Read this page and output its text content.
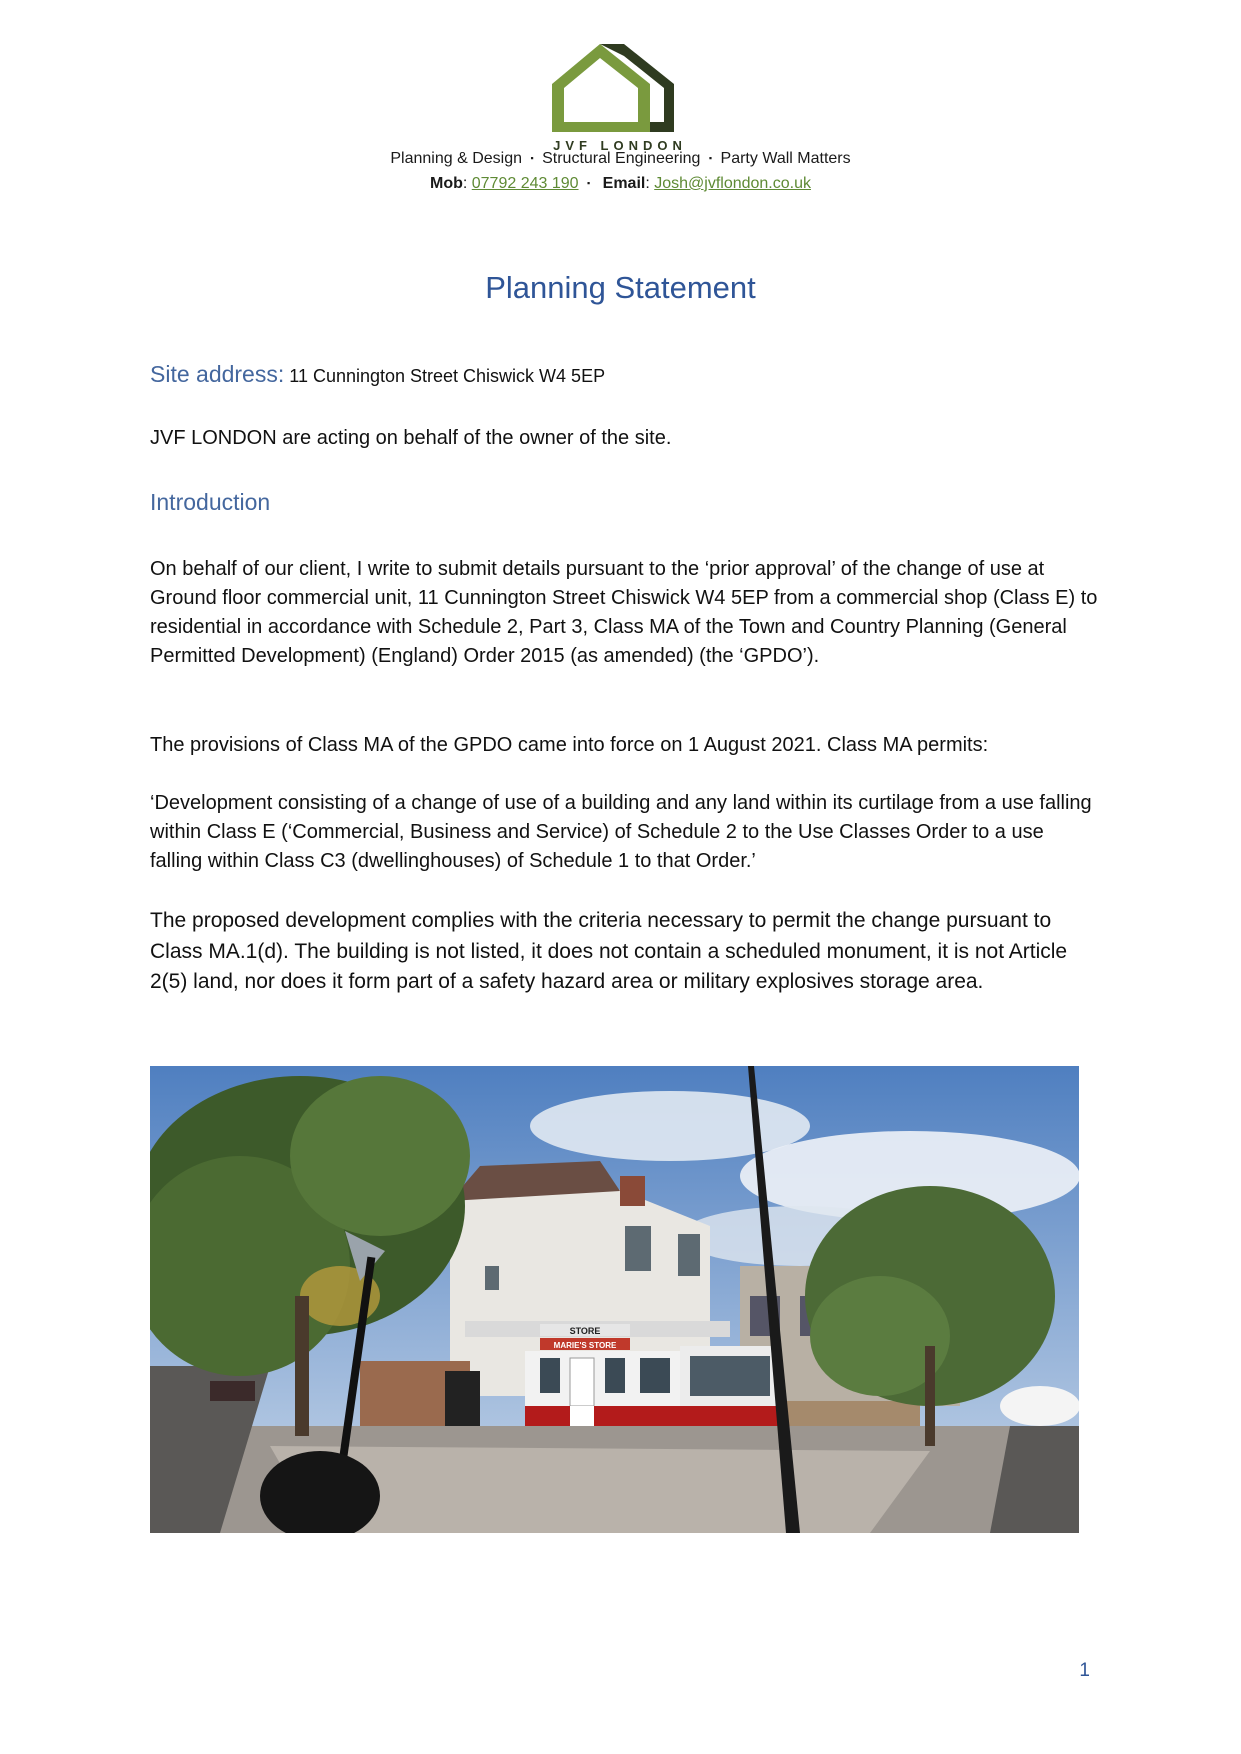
JVF LONDON
Planning & Design ▪ Structural Engineering ▪ Party Wall Matters
Mob: 07792 243 190 ▪ Email: Josh@jvflondon.co.uk
Planning Statement
Site address: 11 Cunnington Street Chiswick W4 5EP
JVF LONDON are acting on behalf of the owner of the site.
Introduction
On behalf of our client, I write to submit details pursuant to the ‘prior approval’ of the change of use at Ground floor commercial unit, 11 Cunnington Street Chiswick W4 5EP from a commercial shop (Class E) to residential in accordance with Schedule 2, Part 3, Class MA of the Town and Country Planning (General Permitted Development) (England) Order 2015 (as amended) (the ‘GPDO’).
The provisions of Class MA of the GPDO came into force on 1 August 2021. Class MA permits:
‘Development consisting of a change of use of a building and any land within its curtilage from a use falling within Class E (‘Commercial, Business and Service) of Schedule 2 to the Use Classes Order to a use falling within Class C3 (dwellinghouses) of Schedule 1 to that Order.’
The proposed development complies with the criteria necessary to permit the change pursuant to Class MA.1(d). The building is not listed, it does not contain a scheduled monument, it is not Article 2(5) land, nor does it form part of a safety hazard area or military explosives storage area.
STORE
MARIE'S STORE
1
